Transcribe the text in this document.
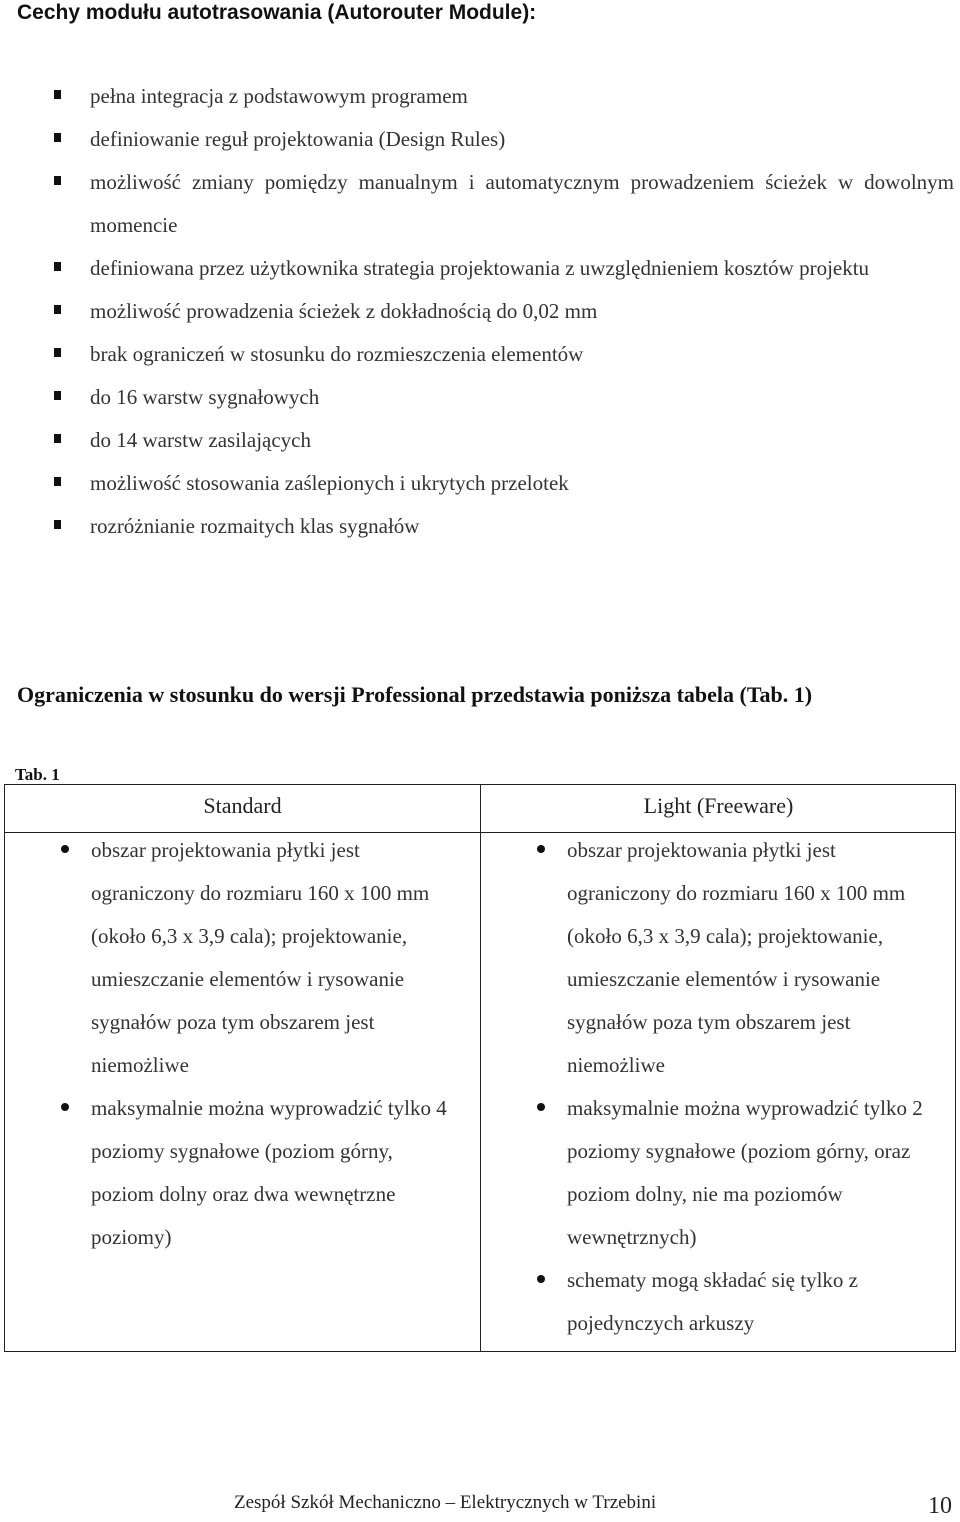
Cechy modułu autotrasowania (Autorouter Module):
pełna integracja z podstawowym programem
definiowanie reguł projektowania (Design Rules)
możliwość zmiany pomiędzy manualnym i automatycznym prowadzeniem ścieżek w dowolnym momencie
definiowana przez użytkownika strategia projektowania z uwzględnieniem kosztów projektu
możliwość prowadzenia ścieżek z dokładnością do 0,02 mm
brak ograniczeń w stosunku do rozmieszczenia elementów
do 16 warstw sygnałowych
do 14 warstw zasilających
możliwość stosowania zaślepionych i ukrytych przelotek
rozróżnianie rozmaitych klas sygnałów
Ograniczenia w stosunku do wersji Professional przedstawia poniższa tabela (Tab. 1)
Tab. 1
Standard	Light (Freeware)
obszar projektowania płytki jest ograniczony do rozmiaru 160 x 100 mm (około 6,3 x 3,9 cala); projektowanie, umieszczanie elementów i rysowanie sygnałów poza tym obszarem jest niemożliwe
maksymalnie można wyprowadzić tylko 4 poziomy sygnałowe (poziom górny, poziom dolny oraz dwa wewnętrzne poziomy)
obszar projektowania płytki jest ograniczony do rozmiaru 160 x 100 mm (około 6,3 x 3,9 cala); projektowanie, umieszczanie elementów i rysowanie sygnałów poza tym obszarem jest niemożliwe
maksymalnie można wyprowadzić tylko 2 poziomy sygnałowe (poziom górny, oraz poziom dolny, nie ma poziomów wewnętrznych)
schematy mogą składać się tylko z pojedynczych arkuszy
Zespół Szkół Mechaniczno – Elektrycznych w Trzebini	10
